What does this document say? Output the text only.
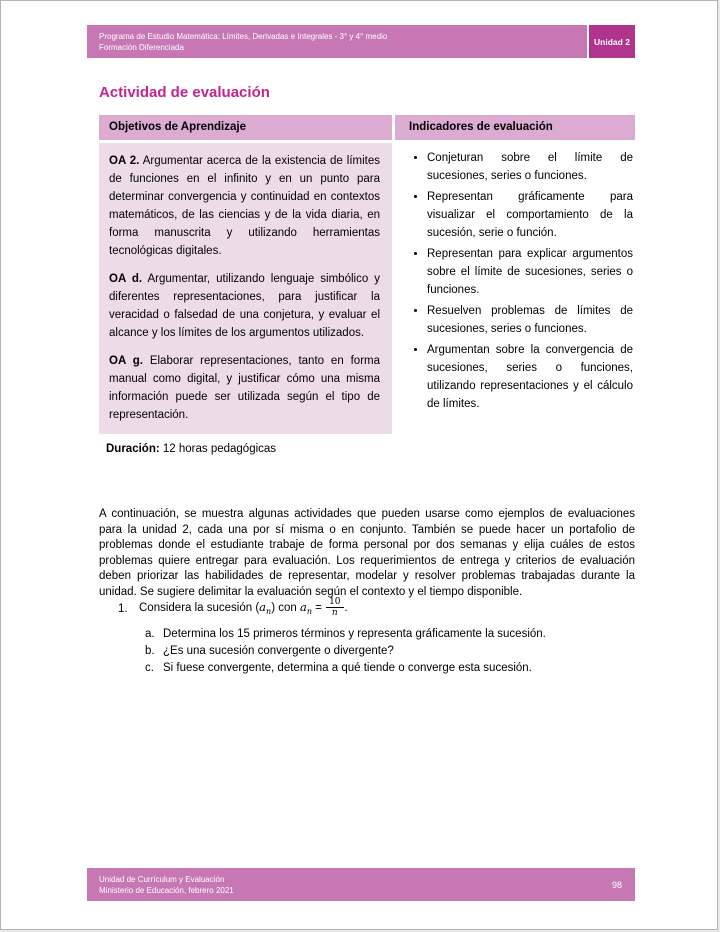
Programa de Estudio Matemática: Límites, Derivadas e Integrales - 3° y 4° medio
Formación Diferenciada
Unidad 2
Actividad de evaluación
Objetivos de Aprendizaje	Indicadores de evaluación

OA 2. Argumentar acerca de la existencia de límites de funciones en el infinito y en un punto para determinar convergencia y continuidad en contextos matemáticos, de las ciencias y de la vida diaria, en forma manuscrita y utilizando herramientas tecnológicas digitales.

OA d. Argumentar, utilizando lenguaje simbólico y diferentes representaciones, para justificar la veracidad o falsedad de una conjetura, y evaluar el alcance y los límites de los argumentos utilizados.

OA g. Elaborar representaciones, tanto en forma manual como digital, y justificar cómo una misma información puede ser utilizada según el tipo de representación.

• Conjeturan sobre el límite de sucesiones, series o funciones.
• Representan gráficamente para visualizar el comportamiento de la sucesión, serie o función.
• Representan para explicar argumentos sobre el límite de sucesiones, series o funciones.
• Resuelven problemas de límites de sucesiones, series o funciones.
• Argumentan sobre la convergencia de sucesiones, series o funciones, utilizando representaciones y el cálculo de límites.

Duración: 12 horas pedagógicas

A continuación, se muestra algunas actividades que pueden usarse como ejemplos de evaluaciones para la unidad 2, cada una por sí misma o en conjunto. También se puede hacer un portafolio de problemas donde el estudiante trabaje de forma personal por dos semanas y elija cuáles de estos problemas quiere entregar para evaluación. Los requerimientos de entrega y criterios de evaluación deben priorizar las habilidades de representar, modelar y resolver problemas trabajadas durante la unidad. Se sugiere delimitar la evaluación según el contexto y el tiempo disponible.

1. Considera la sucesión $(a_n)$ con $a_n = \frac{10}{n}$ .
a. Determina los 15 primeros términos y representa gráficamente la sucesión.
b. ¿Es una sucesión convergente o divergente?
c. Si fuese convergente, determina a qué tiende o converge esta sucesión.
Unidad de Currículum y Evaluación
Ministerio de Educación, febrero 2021
98
